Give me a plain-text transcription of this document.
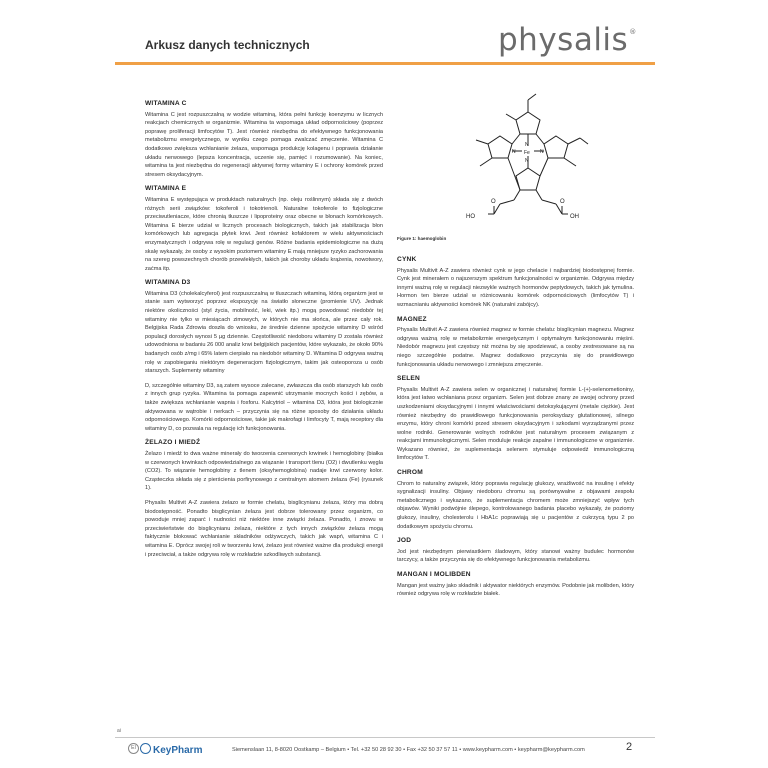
Arkusz danych technicznych	physalis®
WITAMINA C

Witamina C jest rozpuszczalną w wodzie witaminą, która pełni funkcję koenzymu w licznych reakcjach chemicznych w organizmie. Witamina ta wspomaga układ odpornościowy (poprzez poprawę proliferacji limfocytów T). Jest również niezbędna do efektywnego funkcjonowania metabolizmu energetycznego, w wyniku czego pomaga zwalczać zmęczenie. Witamina C dodatkowo zwiększa wchłanianie żelaza, wspomaga produkcję kolagenu i poprawia działanie układu nerwowego (lepsza koncentracja, uczenie się, pamięć i rozumowanie). Na koniec, witamina ta jest niezbędna do regeneracji aktywnej formy witaminy E i ochrony komórek przed stresem oksydacyjnym.

WITAMINA E

Witamina E występująca w produktach naturalnych (np. oleju roślinnym) składa się z dwóch różnych serii związków: tokoferoli i tokotrienoli. Naturalne tokoferole to fizjologiczne przeciwutleniacze, które chronią tłuszcze i lipoproteiny oraz obecne w błonach komórkowych. Witamina E bierze udział w licznych procesach biologicznych, takich jak stabilizacja błon komórkowych lub agregacja płytek krwi. Jest również kofaktorem w wielu aktywnościach enzymatycznych i odgrywa rolę w regulacji genów. Różne badania epidemiologiczne na dużą skalę wykazały, że osoby z wysokim poziomem witaminy E mają mniejsze ryzyko zachorowania na szereg powszechnych chorób przewlekłych, takich jak choroby układu krążenia, nowotwory, zaćma itp.

WITAMINA D3

Witamina D3 (cholekalcyferol) jest rozpuszczalną w tłuszczach witaminą, którą organizm jest w stanie sam wytworzyć poprzez ekspozycję na światło słoneczne (promienie UV). Jednak niektóre okoliczności (styl życia, mobilność, leki, wiek itp.) mogą powodować niedobór tej witaminy nie tylko w miesiącach zimowych, w których nie ma słońca, ale przez cały rok. Belgijska Rada Zdrowia doszła do wniosku, że średnie dzienne spożycie witaminy D wśród populacji dorosłych wynosi 5 µg dziennie. Częstotliwość niedoboru witaminy D została również udowodniona w badaniu 26 000 analiz krwi belgijskich pacjentów, które wykazało, że około 90% badanych osób z/mg i 65% latem cierpiało na niedobór witaminy D. Witamina D odgrywa ważną rolę w zapobieganiu niektórym degeneracjom fizjologicznym, takim jak osteoporoza u osób starszych. Suplementy witaminy

D, szczególnie witaminy D3, są zatem wysoce zalecane, zwłaszcza dla osób starszych lub osób z innych grup ryzyka. Witamina ta pomaga zapewnić utrzymanie mocnych kości i zębów, a także zwiększa wchłanianie wapnia i fosforu. Kalcytriol – witamina D3, która jest biologicznie aktywowana w wątrobie i nerkach – przyczynia się na różne sposoby do działania układu odpornościowego. Komórki odpornościowe, takie jak makrofagi i limfocyty T, mają receptory dla witaminy D, co pozwala na regulację ich funkcjonowania.

ŻELAZO I MIEDŹ

Żelazo i miedź to dwa ważne minerały do tworzenia czerwonych krwinek i hemoglobiny (białka w czerwonych krwinkach odpowiedzialnego za wiązanie i transport tlenu (O2) i dwutlenku węgla (CO2). To wiązanie hemoglobiny z tlenem (oksyhemoglobina) nadaje krwi czerwony kolor. Cząsteczka składa się z pierścienia porfirynowego z centralnym atomem żelaza (Fe) (rysunek 1).

Physalis Multivit A-Z zawiera żelazo w formie chelatu, bisglicynianu żelaza, który ma dobrą biodostępność. Ponadto bisglicynian żelaza jest dobrze tolerowany przez organizm, co powoduje mniej zaparć i nudności niż niektóre inne związki żelaza. Ponadto, i znowu w przeciwieństwie do bisglicynianu żelaza, niektóre z tych innych związków żelaza mogą faktycznie blokować wchłanianie składników odżywczych, takich jak wapń, witamina C i witamina E. Oprócz swojej roli w tworzeniu krwi, żelazo jest również ważne dla produkcji energii i przeciwciał, a także odgrywa rolę w rozkładzie szkodliwych substancji.

N
N
N
N Fe
HO
O
OH
O
Figure 1: haemoglobin
CYNK

Physalis Multivit A-Z zawiera również cynk w jego chelacie i najbardziej biodostępnej formie. Cynk jest minerałem o najszerszym spektrum funkcjonalności w organizmie. Odgrywa między innymi ważną rolę w regulacji niezwykle ważnych hormonów peptydowych, takich jak tymulina. Hormon ten bierze udział w różnicowaniu komórek odpornościowych (limfocytów T) i wzmacnianiu aktywności komórek NK (naturalni zabójcy).

MAGNEZ

Physalis Multivit A-Z zawiera również magnez w formie chelatu: bisglicynian magnezu. Magnez odgrywa ważną rolę w metabolizmie energetycznym i optymalnym funkcjonowaniu mięśni. Niedobór magnezu jest częstszy niż można by się spodziewać, a osoby zestresowane są na niego szczególnie podatne. Magnez dodatkowo przyczynia się do prawidłowego funkcjonowania układu nerwowego i zmniejsza zmęczenie.

SELEN

Physalis Multivit A-Z zawiera selen w organicznej i naturalnej formie L-(+)-selenometioniny, która jest łatwo wchłaniana przez organizm. Selen jest dobrze znany ze swojej ochrony przed uszkodzeniami oksydacyjnymi i innymi właściwościami detoksykującymi (metale ciężkie). Jest również niezbędny do prawidłowego funkcjonowania peroksydazy glutationowej, silnego enzymu, który chroni komórki przed stresem oksydacyjnym i szkodami wyrządzanymi przez wolne rodniki. Generowanie wolnych rodników jest naturalnym procesem związanym z reakcjami immunologicznymi. Selen moduluje reakcje zapalne i immunologiczne w organizmie. Wykazano również, że suplementacja selenem stymuluje odpowiedź immunologiczną limfocytów T.

CHROM

Chrom to naturalny związek, który poprawia regulację glukozy, wrażliwość na insulinę i efekty sygnalizacji insuliny. Objawy niedoboru chromu są porównywalne z objawami zespołu metabolicznego i wykazano, że suplementacja chromem może zmniejszyć wpływ tych objawów. Wyniki podwójnie ślepego, kontrolowanego badania placebo wykazały, że poziomy glukozy, insuliny, cholesterolu i HbA1c poprawiają się u pacjentów z cukrzycą typu 2 po dodatkowym spożyciu chromu.

JOD

Jod jest niezbędnym pierwiastkiem śladowym, który stanowi ważny budulec hormonów tarczycy, a także przyczynia się do efektywnego funkcjonowania metabolizmu.

MANGAN I MOLIBDEN

Mangan jest ważny jako składnik i aktywator niektórych enzymów. Podobnie jak molibden, który również odgrywa rolę w rozkładzie białek.

ai
EI	KeyPharm	Siemenslaan 11, 8-8020 Oostkamp – Belgium • Tel. +32 50 28 92 30 • Fax +32 50 37 57 11 • www.keypharm.com • keypharm@keypharm.com	2
